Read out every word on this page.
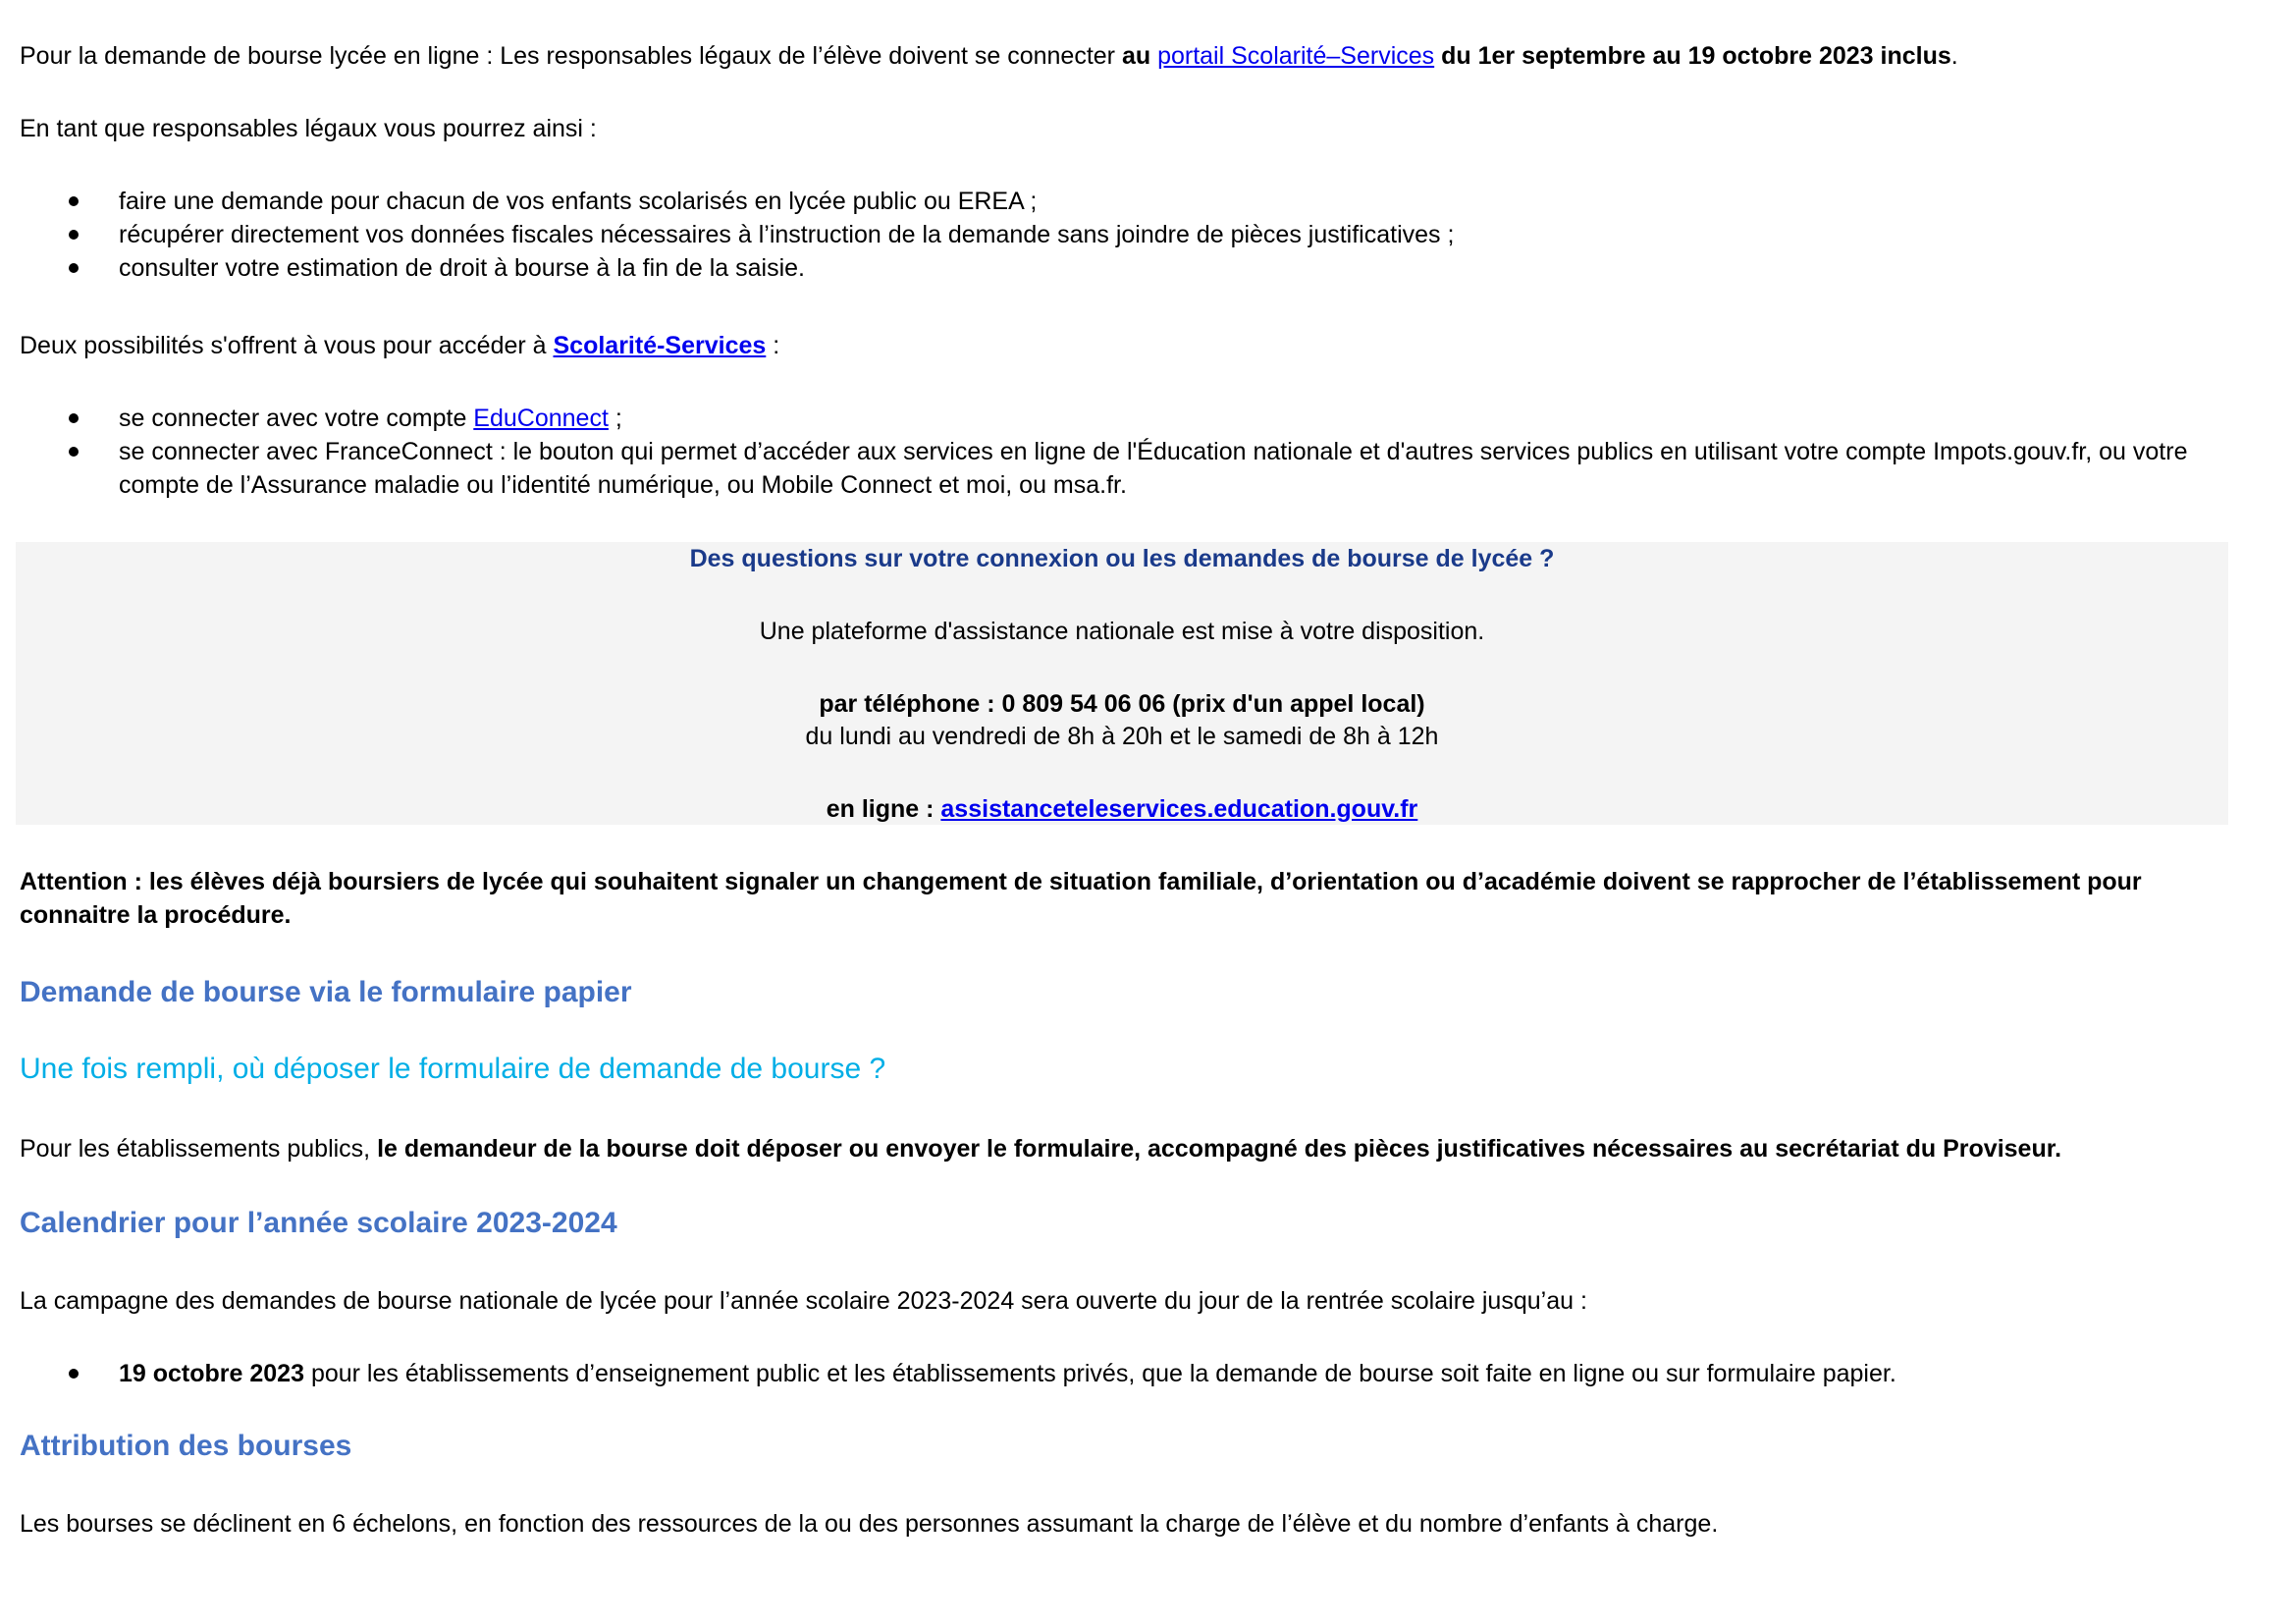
Pour la demande de bourse lycée en ligne : Les responsables légaux de l’élève doivent se connecter au portail Scolarité–Services du 1er septembre au 19 octobre 2023 inclus.

En tant que responsables légaux vous pourrez ainsi :

faire une demande pour chacun de vos enfants scolarisés en lycée public ou EREA ;
récupérer directement vos données fiscales nécessaires à l’instruction de la demande sans joindre de pièces justificatives ;
consulter votre estimation de droit à bourse à la fin de la saisie.

Deux possibilités s'offrent à vous pour accéder à Scolarité-Services :

se connecter avec votre compte EduConnect ;
se connecter avec FranceConnect : le bouton qui permet d’accéder aux services en ligne de l'Éducation nationale et d'autres services publics en utilisant votre compte Impots.gouv.fr, ou votre compte de l’Assurance maladie ou l’identité numérique, ou Mobile Connect et moi, ou msa.fr.

Des questions sur votre connexion ou les demandes de bourse de lycée ?

Une plateforme d'assistance nationale est mise à votre disposition.

par téléphone : 0 809 54 06 06 (prix d'un appel local)

du lundi au vendredi de 8h à 20h et le samedi de 8h à 12h

en ligne : assistanceteleservices.education.gouv.fr

Attention : les élèves déjà boursiers de lycée qui souhaitent signaler un changement de situation familiale, d’orientation ou d’académie doivent se rapprocher de l’établissement pour connaitre la procédure.

Demande de bourse via le formulaire papier
Une fois rempli, où déposer le formulaire de demande de bourse ?

Pour les établissements publics, le demandeur de la bourse doit déposer ou envoyer le formulaire, accompagné des pièces justificatives nécessaires au secrétariat du Proviseur.

Calendrier pour l’année scolaire 2023-2024

La campagne des demandes de bourse nationale de lycée pour l’année scolaire 2023-2024 sera ouverte du jour de la rentrée scolaire jusqu’au :

19 octobre 2023 pour les établissements d’enseignement public et les établissements privés, que la demande de bourse soit faite en ligne ou sur formulaire papier.
Attribution des bourses

Les bourses se déclinent en 6 échelons, en fonction des ressources de la ou des personnes assumant la charge de l’élève et du nombre d’enfants à charge.
